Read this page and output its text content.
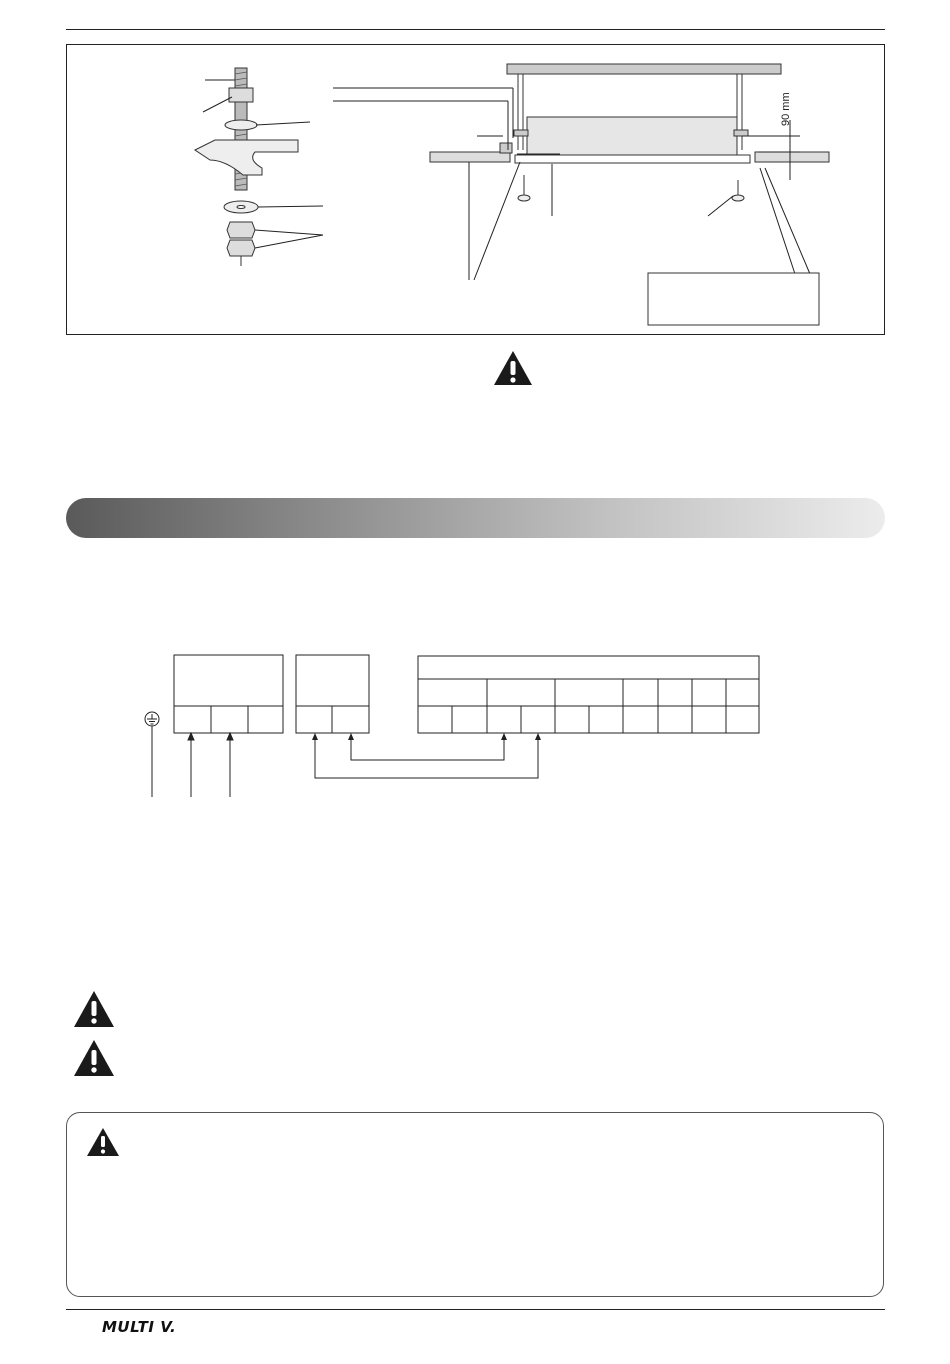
90 mm
MULTI V.
